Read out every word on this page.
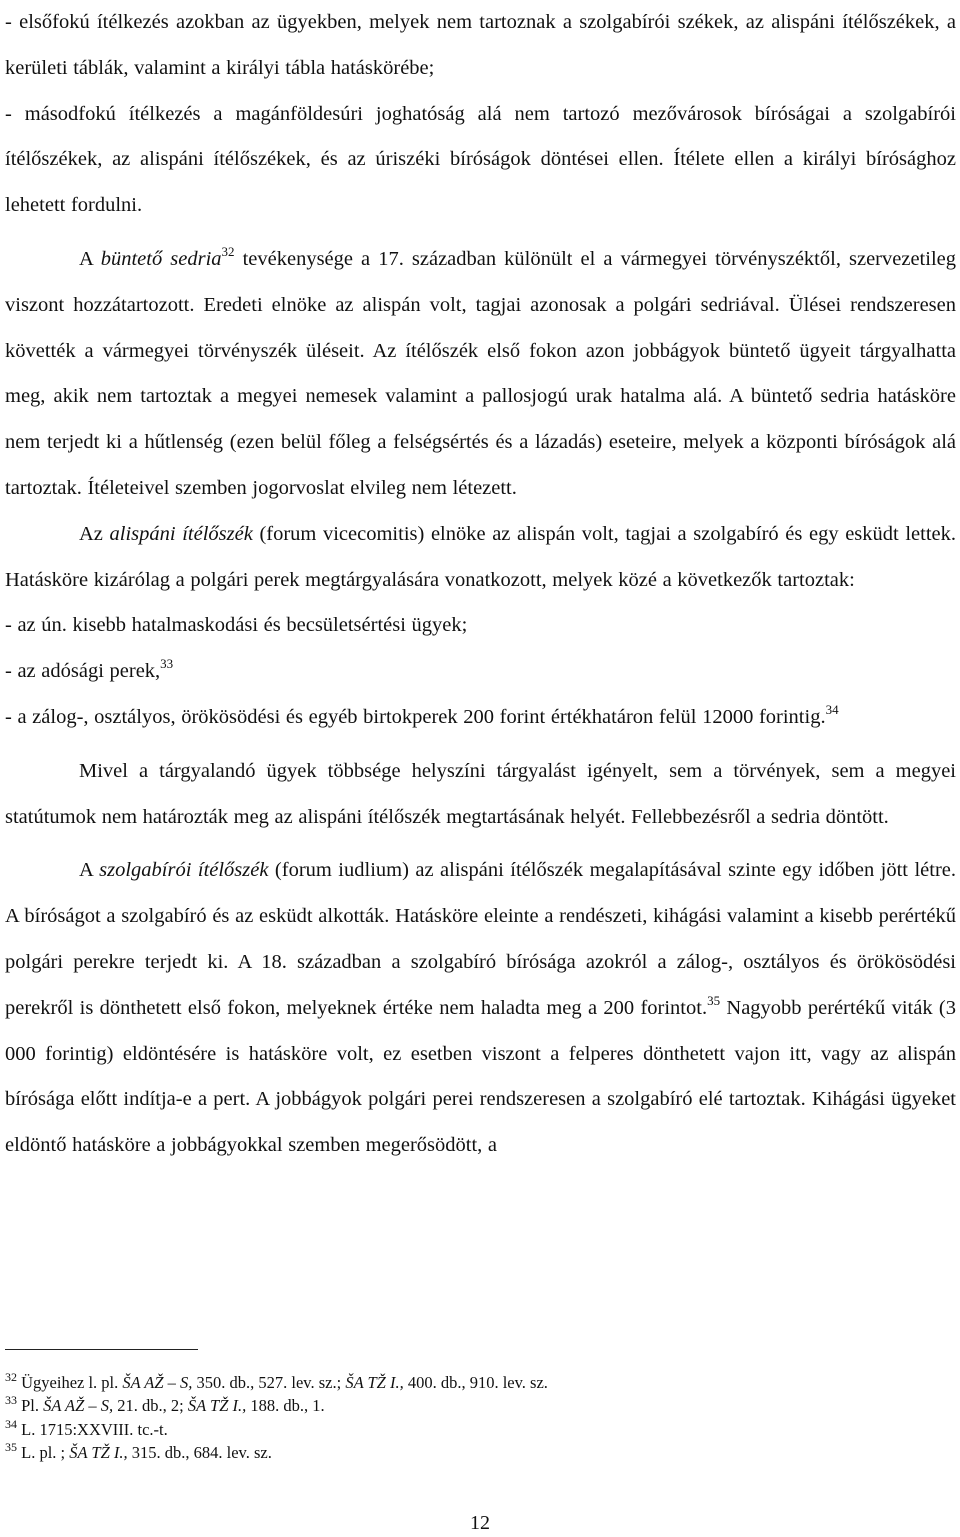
- elsőfokú ítélkezés azokban az ügyekben, melyek nem tartoznak a szolgabírói székek, az alispáni ítélőszékek, a kerületi táblák, valamint a királyi tábla hatáskörébe;

- másodfokú ítélkezés a magánföldesúri joghatóság alá nem tartozó mezővárosok bíróságai a szolgabírói ítélőszékek, az alispáni ítélőszékek, és az úriszéki bíróságok döntései ellen. Ítélete ellen a királyi bírósághoz lehetett fordulni.

A büntető sedria$^{32}$ tevékenysége a 17. században különült el a vármegyei törvényszéktől, szervezetileg viszont hozzátartozott. Eredeti elnöke az alispán volt, tagjai azonosak a polgári sedriával. Ülései rendszeresen követték a vármegyei törvényszék üléseit. Az ítélőszék első fokon azon jobbágyok büntető ügyeit tárgyalhatta meg, akik nem tartoztak a megyei nemesek valamint a pallosjogú urak hatalma alá. A büntető sedria hatásköre nem terjedt ki a hűtlenség (ezen belül főleg a felségsértés és a lázadás) eseteire, melyek a központi bíróságok alá tartoztak. Ítéleteivel szemben jogorvoslat elvileg nem létezett.

Az alispáni ítélőszék (forum vicecomitis) elnöke az alispán volt, tagjai a szolgabíró és egy esküdt lettek. Hatásköre kizárólag a polgári perek megtárgyalására vonatkozott, melyek közé a következők tartoztak:

- az ún. kisebb hatalmaskodási és becsületsértési ügyek;

- az adósági perek,$^{33}$

- a zálog-, osztályos, örökösödési és egyéb birtokperek 200 forint értékhatáron felül 12000 forintig.$^{34}$

Mivel a tárgyalandó ügyek többsége helyszíni tárgyalást igényelt, sem a törvények, sem a megyei statútumok nem határozták meg az alispáni ítélőszék megtartásának helyét. Fellebbezésről a sedria döntött.

A szolgabírói ítélőszék (forum iudlium) az alispáni ítélőszék megalapításával szinte egy időben jött létre. A bíróságot a szolgabíró és az esküdt alkották. Hatásköre eleinte a rendészeti, kihágási valamint a kisebb perértékű polgári perekre terjedt ki. A 18. században a szolgabíró bírósága azokról a zálog-, osztályos és örökösödési perekről is dönthetett első fokon, melyeknek értéke nem haladta meg a 200 forintot.$^{35}$ Nagyobb perértékű viták (3 000 forintig) eldöntésére is hatásköre volt, ez esetben viszont a felperes dönthetett vajon itt, vagy az alispán bírósága előtt indítja-e a pert. A jobbágyok polgári perei rendszeresen a szolgabíró elé tartoztak. Kihágási ügyeket eldöntő hatásköre a jobbágyokkal szemben megerősödött, a

$^{32}$ Ügyeihez l. pl. ŠA AŽ – S, 350. db., 527. lev. sz.; ŠA TŽ I., 400. db., 910. lev. sz.

$^{33}$ Pl. ŠA AŽ – S, 21. db., 2; ŠA TŽ I., 188. db., 1.

$^{34}$ L. 1715:XXVIII. tc.-t.

$^{35}$ L. pl. ; ŠA TŽ I., 315. db., 684. lev. sz.

12
